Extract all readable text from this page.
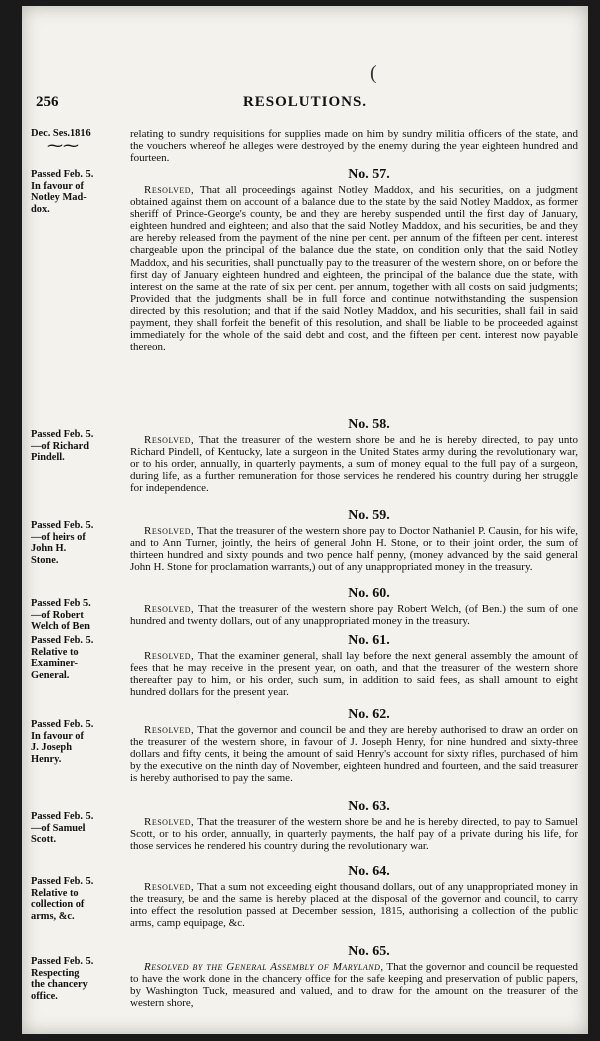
(
256	RESOLUTIONS.
Dec. Ses.1816
⁓⁓

relating to sundry requisitions for supplies made on him by sundry militia officers of the state, and the vouchers whereof he alleges were destroyed by the enemy during the year eighteen hundred and fourteen.

Passed Feb. 5.
In favour of
Notley Mad-
dox.
No. 57.

Resolved, That all proceedings against Notley Maddox, and his securities, on a judgment obtained against them on account of a balance due to the state by the said Notley Maddox, as former sheriff of Prince-George's county, be and they are hereby suspended until the first day of January, eighteen hundred and eighteen; and also that the said Notley Maddox, and his securities, be and they are hereby released from the payment of the nine per cent. per annum of the fifteen per cent. interest chargeable upon the principal of the balance due the state, on condition only that the said Notley Maddox, and his securities, shall punctually pay to the treasurer of the western shore, on or before the first day of January eighteen hundred and eighteen, the principal of the balance due the state, with interest on the same at the rate of six per cent. per annum, together with all costs on said judgments; Provided that the judgments shall be in full force and continue notwithstanding the suspension directed by this resolution; and that if the said Notley Maddox, and his securities, shall fail in said payment, they shall forfeit the benefit of this resolution, and shall be liable to be proceeded against immediately for the whole of the said debt and cost, and the fifteen per cent. interest now payable thereon.

Passed Feb. 5.
—of Richard
Pindell.
No. 58.

Resolved, That the treasurer of the western shore be and he is hereby directed, to pay unto Richard Pindell, of Kentucky, late a surgeon in the United States army during the revolutionary war, or to his order, annually, in quarterly payments, a sum of money equal to the full pay of a surgeon, during life, as a further remuneration for those services he rendered his country during her struggle for independence.

Passed Feb. 5.
—of heirs of
John H.
Stone.
No. 59.

Resolved, That the treasurer of the western shore pay to Doctor Nathaniel P. Causin, for his wife, and to Ann Turner, jointly, the heirs of general John H. Stone, or to their joint order, the sum of thirteen hundred and sixty pounds and two pence half penny, (money advanced by the said general John H. Stone for proclamation warrants,) out of any unappropriated money in the treasury.

Passed Feb 5.
—of Robert
Welch of Ben
No. 60.

Resolved, That the treasurer of the western shore pay Robert Welch, (of Ben.) the sum of one hundred and twenty dollars, out of any unappropriated money in the treasury.

Passed Feb. 5.
Relative to
Examiner-
General.
No. 61.

Resolved, That the examiner general, shall lay before the next general assembly the amount of fees that he may receive in the present year, on oath, and that the treasurer of the western shore thereafter pay to him, or his order, such sum, in addition to said fees, as shall amount to eight hundred dollars for the present year.

Passed Feb. 5.
In favour of
J. Joseph
Henry.
No. 62.

Resolved, That the governor and council be and they are hereby authorised to draw an order on the treasurer of the western shore, in favour of J. Joseph Henry, for nine hundred and sixty-three dollars and fifty cents, it being the amount of said Henry's account for sixty rifles, purchased of him by the executive on the ninth day of November, eighteen hundred and fourteen, and the said treasurer is hereby authorised to pay the same.

Passed Feb. 5.
—of Samuel
Scott.
No. 63.

Resolved, That the treasurer of the western shore be and he is hereby directed, to pay to Samuel Scott, or to his order, annually, in quarterly payments, the half pay of a private during his life, for those services he rendered his country during the revolutionary war.

Passed Feb. 5.
Relative to
collection of
arms, &c.
No. 64.

Resolved, That a sum not exceeding eight thousand dollars, out of any unappropriated money in the treasury, be and the same is hereby placed at the disposal of the governor and council, to carry into effect the resolution passed at December session, 1815, authorising a collection of the public arms, camp equipage, &c.

Passed Feb. 5.
Respecting
the chancery
office.
No. 65.

Resolved by the General Assembly of Maryland, That the governor and council be requested to have the work done in the chancery office for the safe keeping and preservation of public papers, by Washington Tuck, measured and valued, and to draw for the amount on the treasurer of the western shore,
